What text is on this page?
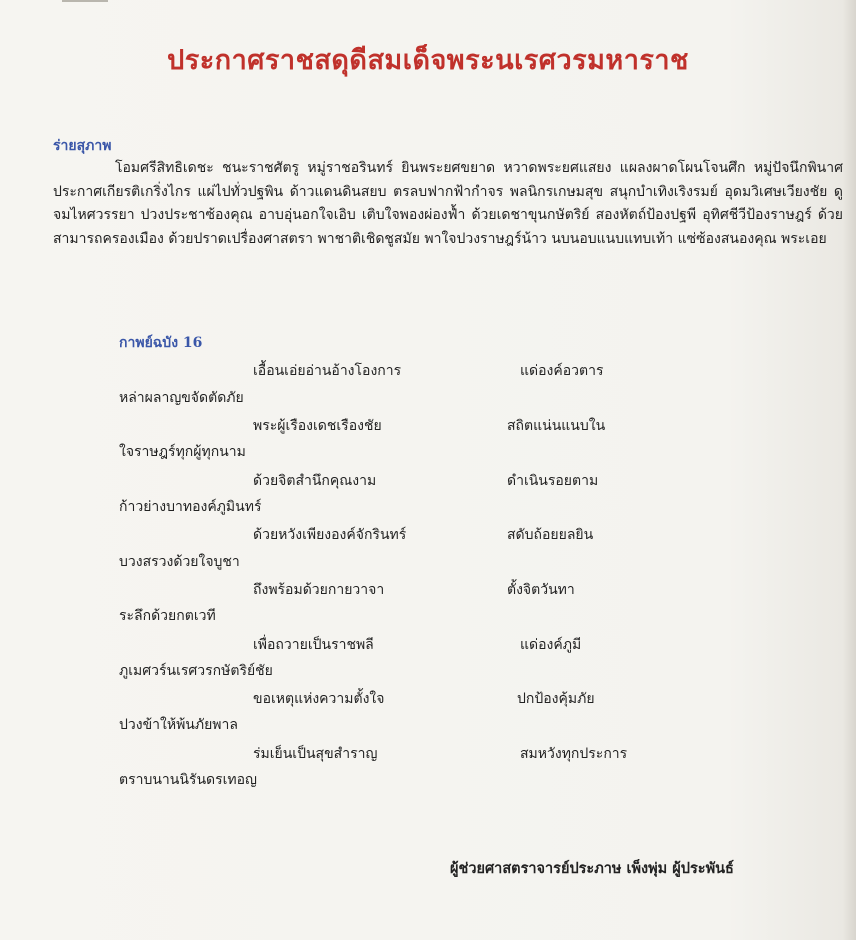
ประกาศราชสดุดีสมเด็จพระนเรศวรมหาราช
ร่ายสุภาพ
โอมศรีสิทธิเดชะ ชนะราชศัตรู หมู่ราชอรินทร์ ยินพระยศขยาด หวาดพระยศแสยง แผลงผาดโผนโจนศึก หมู่ปัจนึกพินาศ ประกาศเกียรติเกริ่งไกร แผ่ไปทั่วปฐพิน ด้าวแดนดินสยบ ตรลบฟากฟ้ากำจร พลนิกรเกษมสุข สนุกบำเทิงเริงรมย์ อุดมวิเศษเวียงชัย ดูจมไหศวรรยา ปวงประชาซ้องคุณ อาบอุ่นอกใจเอิบ เติบใจพองผ่องฟ้ำ ด้วยเดชาขุนกษัตริย์ สองหัตถ์ป้องปฐพี อุทิศชีวีป้องราษฎร์ ด้วยสามารถครองเมือง ด้วยปราดเปรื่องศาสตรา พาชาติเชิดชูสมัย พาใจปวงราษฎร์น้าว นบนอบแนบแทบเท้า แซ่ซ้องสนองคุณ พระเอย
กาพย์ฉบัง 16
เอื้อนเอ่ยอ่านอ้างโองการ	แด่องค์อวตาร
หล่าผลาญขจัดตัดภัย
พระผู้เรืองเดชเรืองชัย	สถิตแน่นแนบใน
ใจราษฎร์ทุกผู้ทุกนาม
ด้วยจิตสำนึกคุณงาม	ดำเนินรอยตาม
ก้าวย่างบาทองค์ภูมินทร์
ด้วยหวังเพียงองค์จักรินทร์	สดับถ้อยยลยิน
บวงสรวงด้วยใจบูชา
ถึงพร้อมด้วยกายวาจา	ตั้งจิตวันทา
ระลึกด้วยกตเวที
เพื่อถวายเป็นราชพลี	แด่องค์ภูมี
ภูเมศวร์นเรศวรกษัตริย์ชัย
ขอเหตุแห่งความตั้งใจ	ปกป้องคุ้มภัย
ปวงข้าให้พ้นภัยพาล
ร่มเย็นเป็นสุขสำราญ	สมหวังทุกประการ
ตราบนานนิรันดรเทอญ
ผู้ช่วยศาสตราจารย์ประภาษ เพ็งพุ่ม ผู้ประพันธ์
